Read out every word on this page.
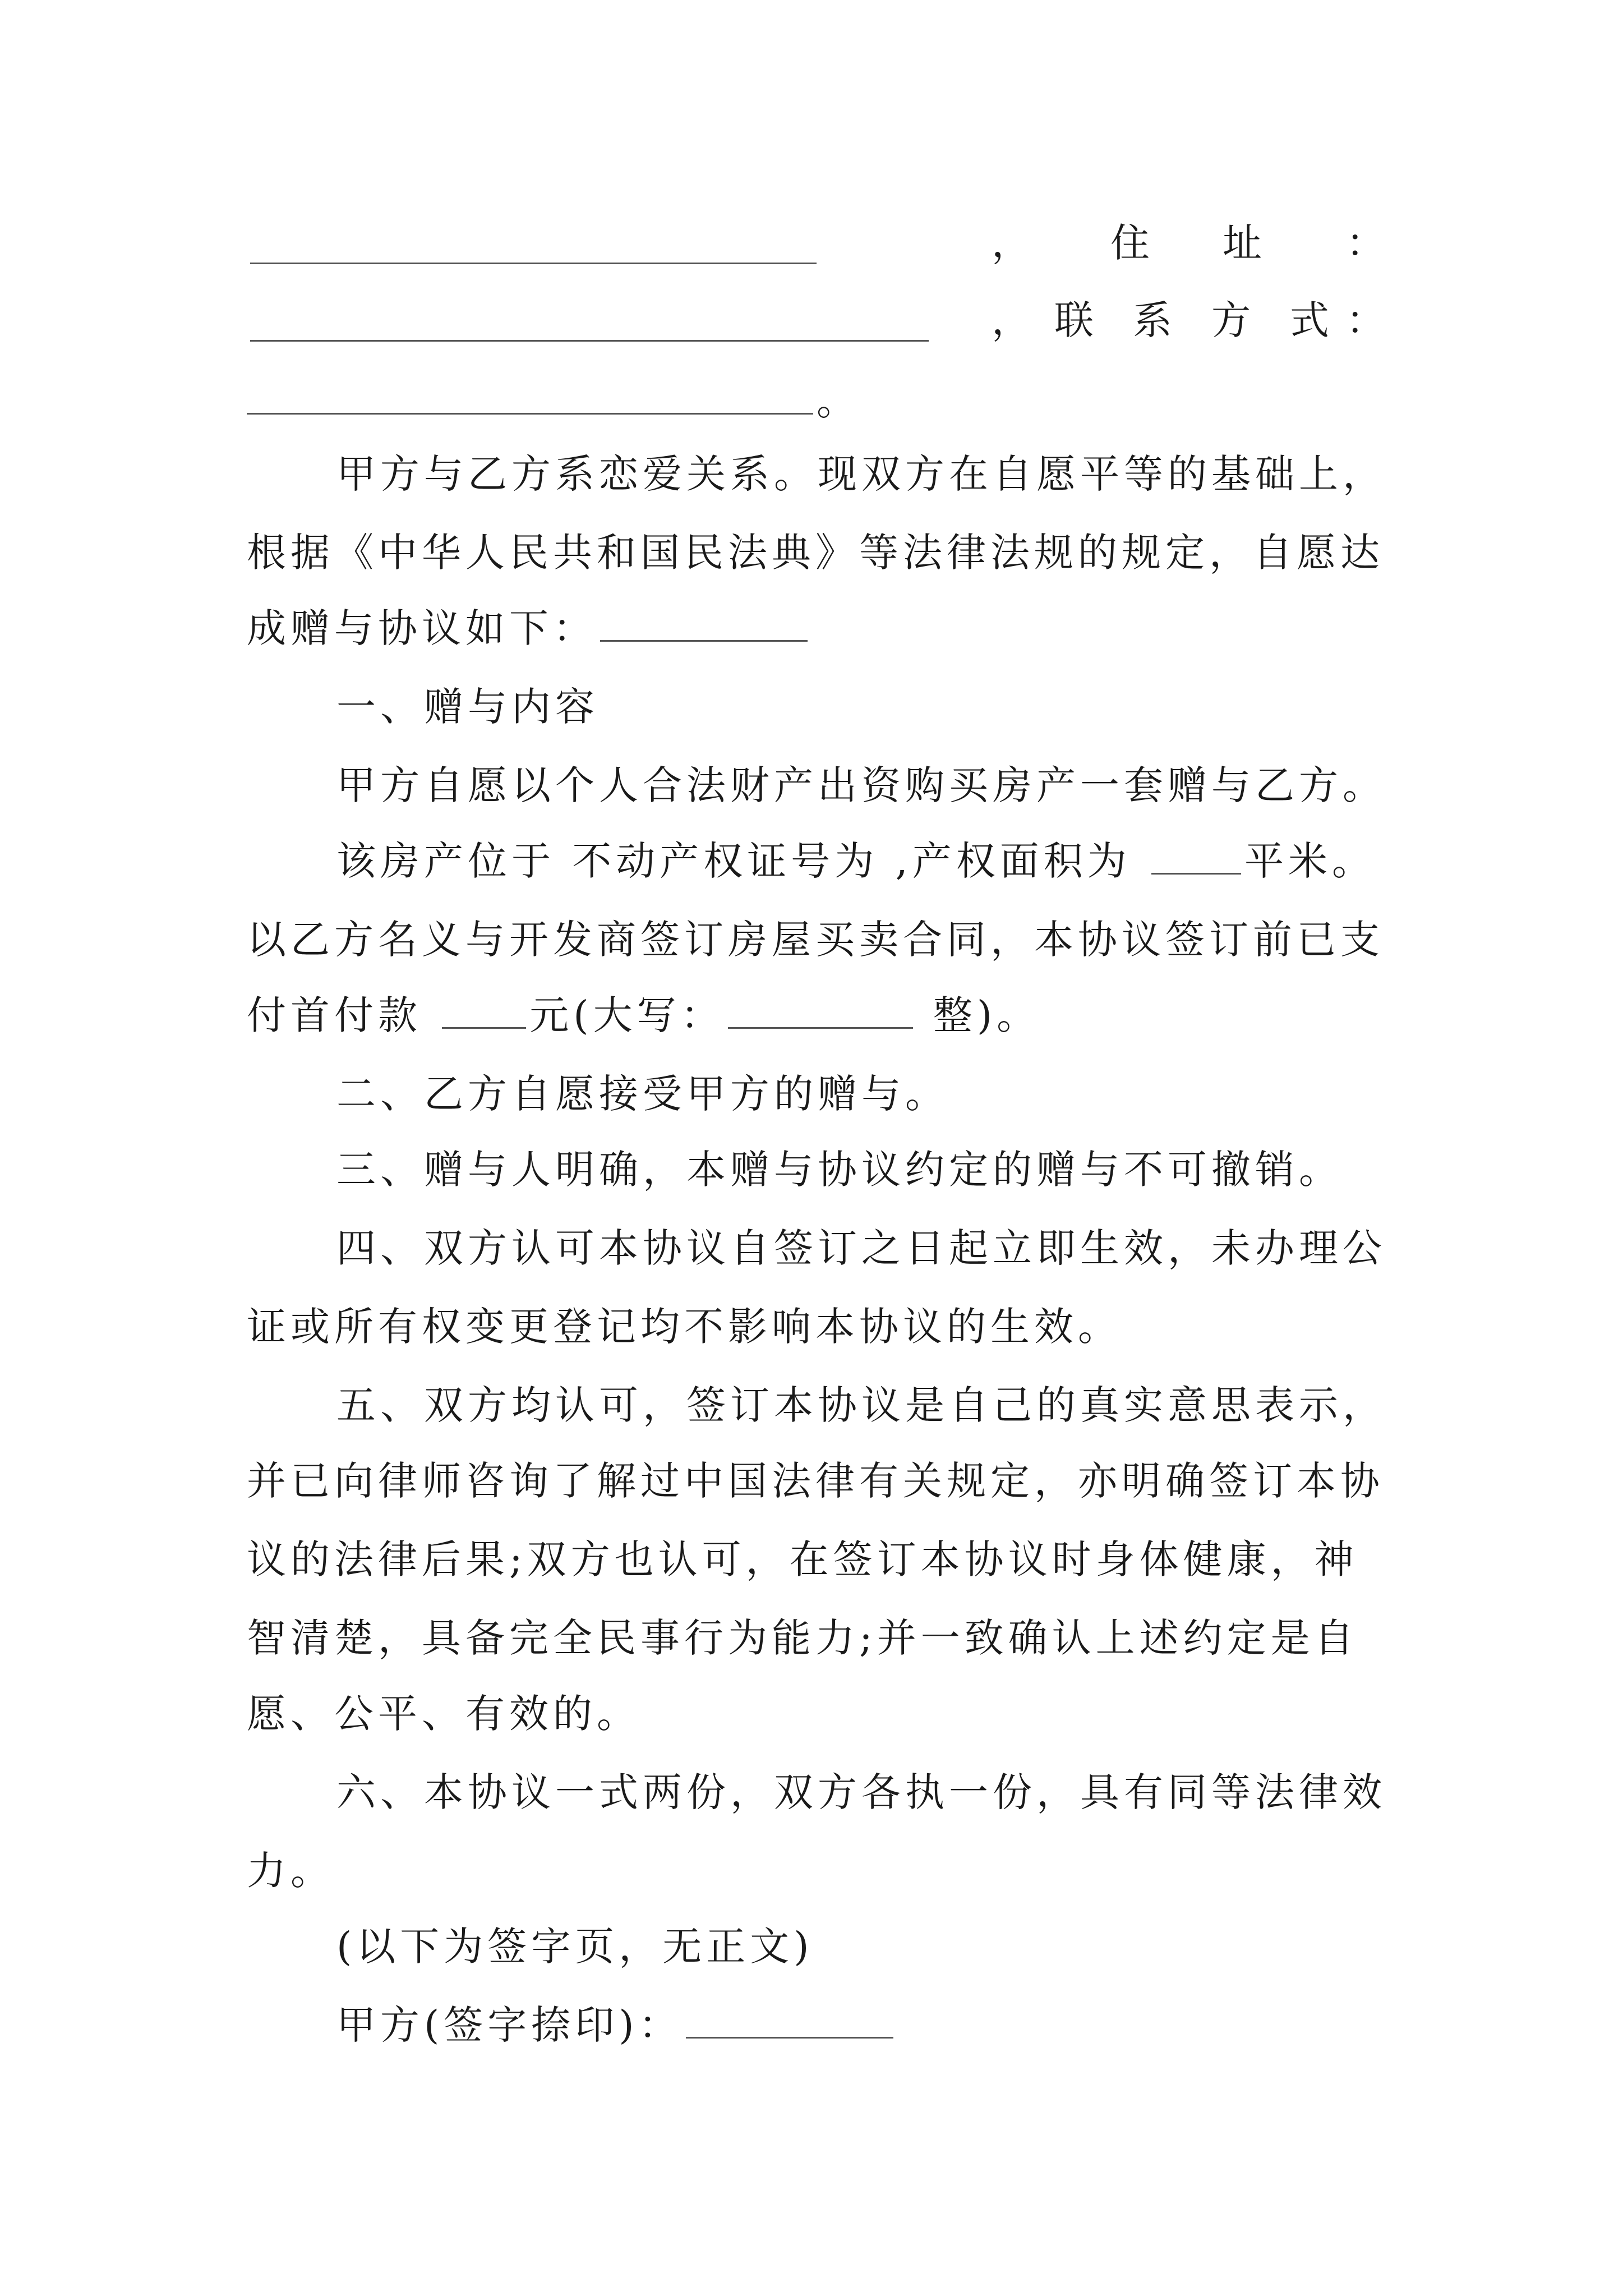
， 住 址 ：
， 联 系 方 式 ：
。
甲方与乙方系恋爱关系。现双方在自愿平等的基础上，
根据《中华人民共和国民法典》等法律法规的规定，自愿达
成赠与协议如下：
一、赠与内容
甲方自愿以个人合法财产出资购买房产一套赠与乙方。
该房产位于 不动产权证号为 ,产权面积为 平米。
以乙方名义与开发商签订房屋买卖合同，本协议签订前已支
付首付款 元(大写：	整)。
二、乙方自愿接受甲方的赠与。
三、赠与人明确，本赠与协议约定的赠与不可撤销。
四、双方认可本协议自签订之日起立即生效，未办理公
证或所有权变更登记均不影响本协议的生效。
五、双方均认可，签订本协议是自己的真实意思表示，
并已向律师咨询了解过中国法律有关规定，亦明确签订本协
议的法律后果;双方也认可，在签订本协议时身体健康，神
智清楚，具备完全民事行为能力;并一致确认上述约定是自
愿、公平、有效的。
六、本协议一式两份，双方各执一份，具有同等法律效
力。
(以下为签字页，无正文)
甲方(签字捺印)：
